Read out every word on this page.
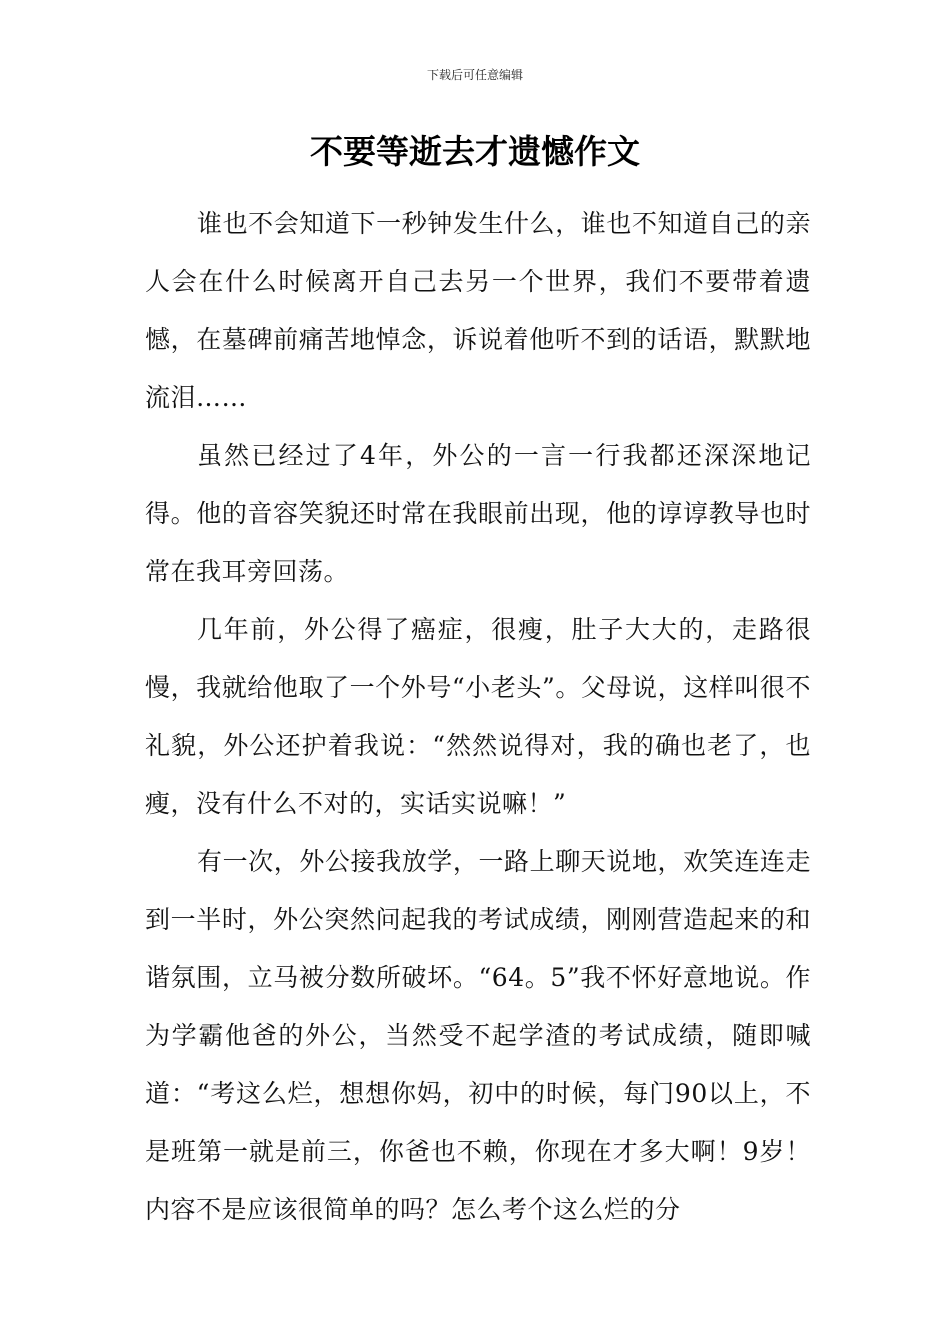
下载后可任意编辑
不要等逝去才遗憾作文

谁也不会知道下一秒钟发生什么，谁也不知道自己的亲人会在什么时候离开自己去另一个世界，我们不要带着遗憾，在墓碑前痛苦地悼念，诉说着他听不到的话语，默默地流泪……

虽然已经过了4年，外公的一言一行我都还深深地记得。他的音容笑貌还时常在我眼前出现，他的谆谆教导也时常在我耳旁回荡。

几年前，外公得了癌症，很瘦，肚子大大的，走路很慢，我就给他取了一个外号“小老头”。父母说，这样叫很不礼貌，外公还护着我说：“然然说得对，我的确也老了，也瘦，没有什么不对的，实话实说嘛！”

有一次，外公接我放学，一路上聊天说地，欢笑连连走到一半时，外公突然问起我的考试成绩，刚刚营造起来的和谐氛围，立马被分数所破坏。“64。5”我不怀好意地说。作为学霸他爸的外公，当然受不起学渣的考试成绩，随即喊道：“考这么烂，想想你妈，初中的时候，每门90以上，不是班第一就是前三，你爸也不赖，你现在才多大啊！9岁！内容不是应该很简单的吗？怎么考个这么烂的分
